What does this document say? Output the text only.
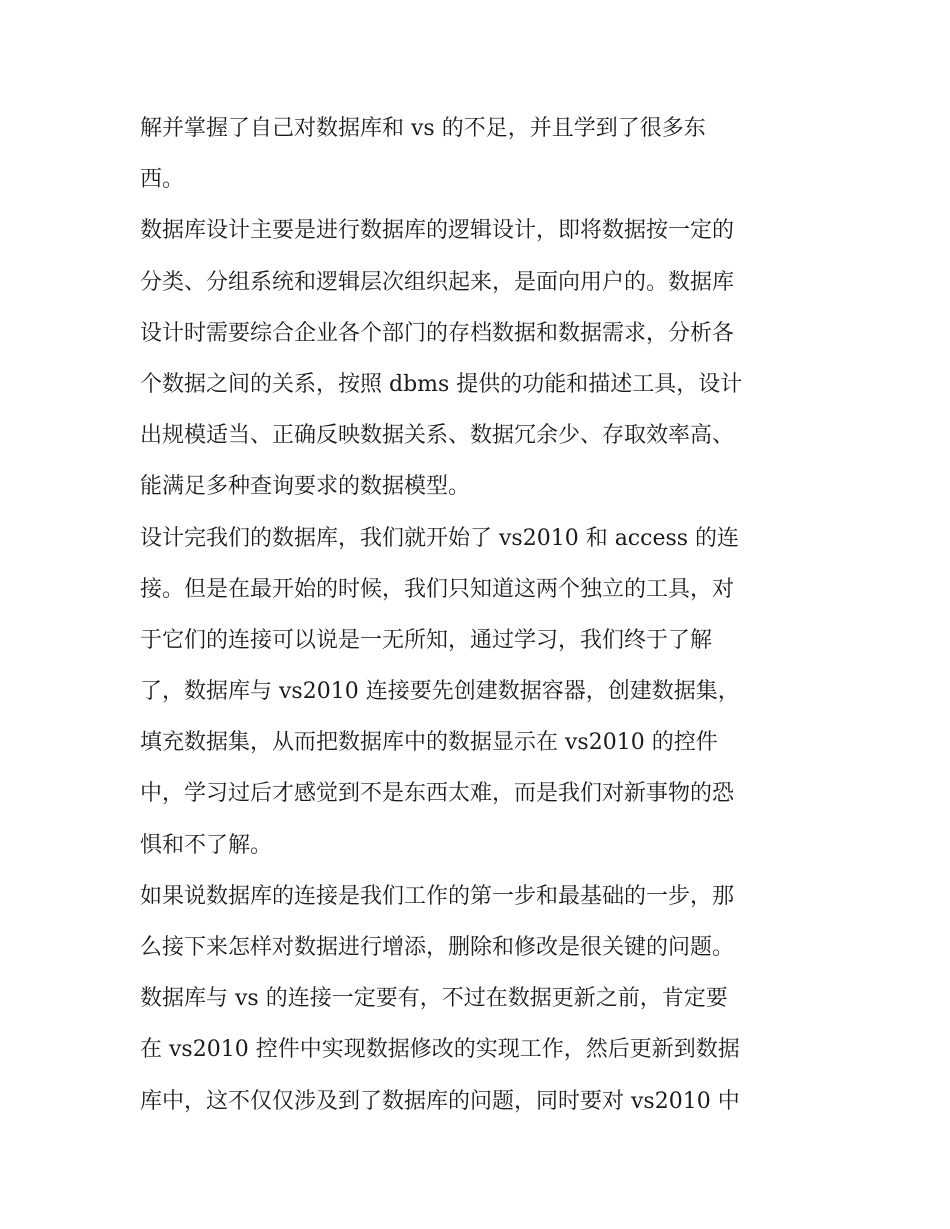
解并掌握了自己对数据库和 vs 的不足，并且学到了很多东

西。

数据库设计主要是进行数据库的逻辑设计，即将数据按一定的

分类、分组系统和逻辑层次组织起来，是面向用户的。数据库

设计时需要综合企业各个部门的存档数据和数据需求，分析各

个数据之间的关系，按照 dbms 提供的功能和描述工具，设计

出规模适当、正确反映数据关系、数据冗余少、存取效率高、

能满足多种查询要求的数据模型。

设计完我们的数据库，我们就开始了 vs2010 和 access 的连

接。但是在最开始的时候，我们只知道这两个独立的工具，对

于它们的连接可以说是一无所知，通过学习，我们终于了解

了，数据库与 vs2010 连接要先创建数据容器，创建数据集，

填充数据集，从而把数据库中的数据显示在 vs2010 的控件

中，学习过后才感觉到不是东西太难，而是我们对新事物的恐

惧和不了解。

如果说数据库的连接是我们工作的第一步和最基础的一步，那

么接下来怎样对数据进行增添，删除和修改是很关键的问题。

数据库与 vs 的连接一定要有，不过在数据更新之前，肯定要

在 vs2010 控件中实现数据修改的实现工作，然后更新到数据

库中，这不仅仅涉及到了数据库的问题，同时要对 vs2010 中
